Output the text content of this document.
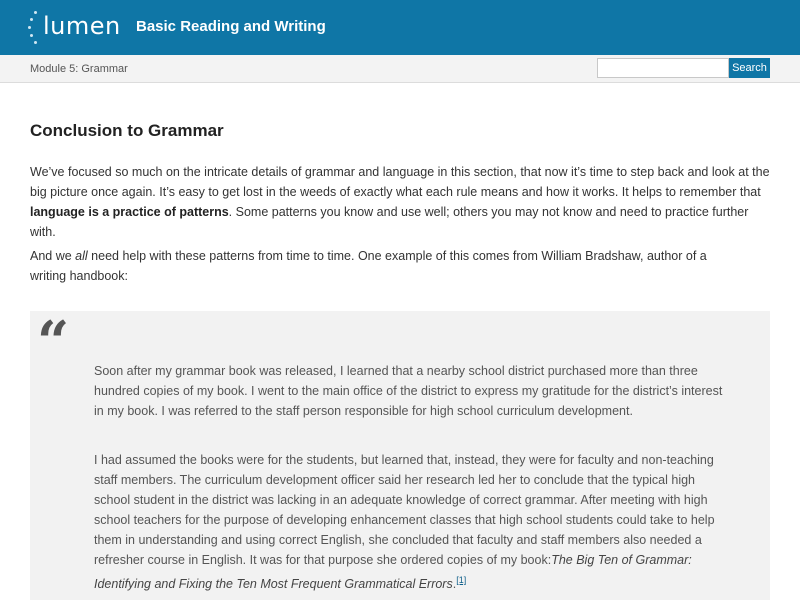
lumen Basic Reading and Writing
Module 5: Grammar	Search
Conclusion to Grammar

We’ve focused so much on the intricate details of grammar and language in this section, that now it’s time to step back and look at the big picture once again. It’s easy to get lost in the weeds of exactly what each rule means and how it works. It helps to remember that language is a practice of patterns. Some patterns you know and use well; others you may not know and need to practice further with.

And we all need help with these patterns from time to time. One example of this comes from William Bradshaw, author of a writing handbook:

“ Soon after my grammar book was released, I learned that a nearby school district purchased more than three hundred copies of my book. I went to the main office of the district to express my gratitude for the district’s interest in my book. I was referred to the staff person responsible for high school curriculum development.

I had assumed the books were for the students, but learned that, instead, they were for faculty and non-teaching staff members. The curriculum development officer said her research led her to conclude that the typical high school student in the district was lacking in an adequate knowledge of correct grammar. After meeting with high school teachers for the purpose of developing enhancement classes that high school students could take to help them in understanding and using correct English, she concluded that faculty and staff members also needed a refresher course in English. It was for that purpose she ordered copies of my book:The Big Ten of Grammar: Identifying and Fixing the Ten Most Frequent Grammatical Errors.[1]
